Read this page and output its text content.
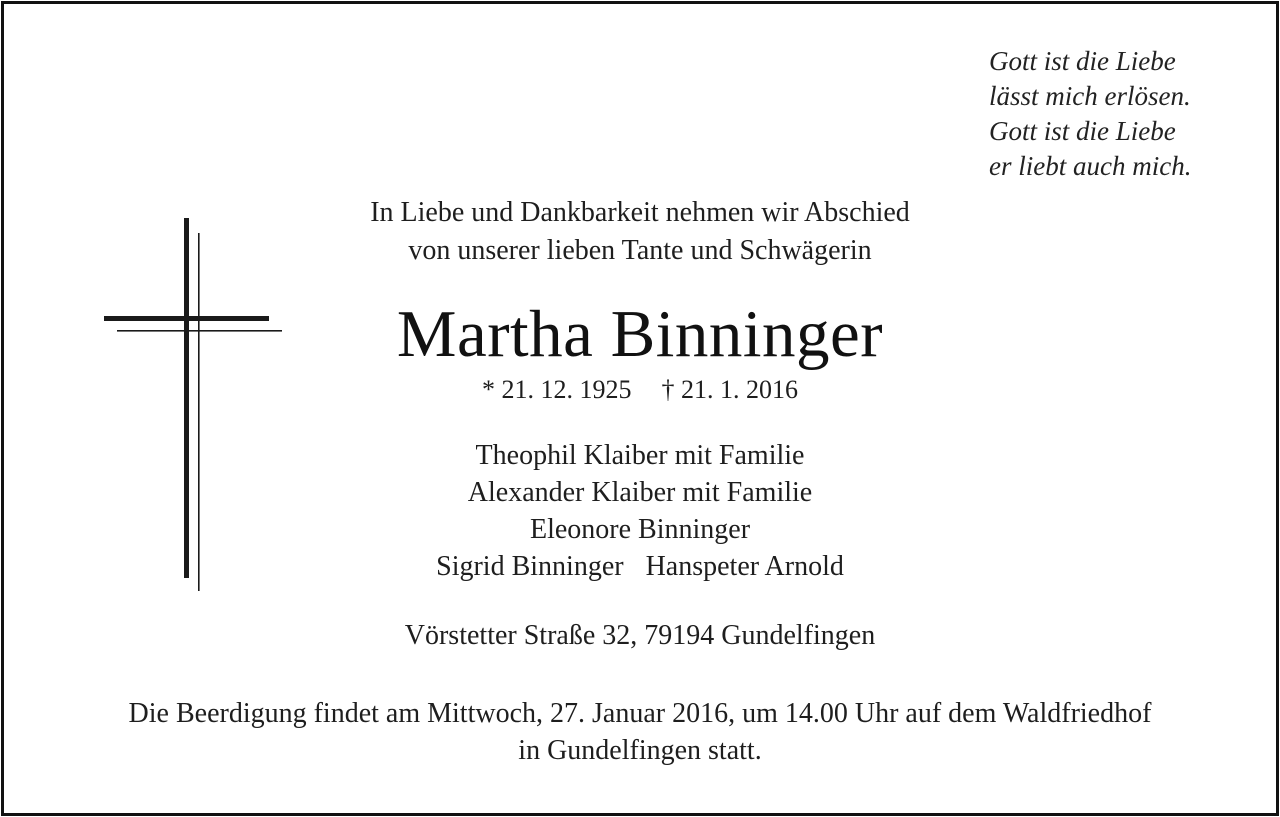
Gott ist die Liebe
lässt mich erlösen.
Gott ist die Liebe
er liebt auch mich.
In Liebe und Dankbarkeit nehmen wir Abschied
von unserer lieben Tante und Schwägerin
Martha Binninger
* 21. 12. 1925 † 21. 1. 2016
Theophil Klaiber mit Familie
Alexander Klaiber mit Familie
Eleonore Binninger
Sigrid Binninger Hanspeter Arnold
Vörstetter Straße 32, 79194 Gundelfingen
Die Beerdigung findet am Mittwoch, 27. Januar 2016, um 14.00 Uhr auf dem Waldfriedhof
in Gundelfingen statt.
